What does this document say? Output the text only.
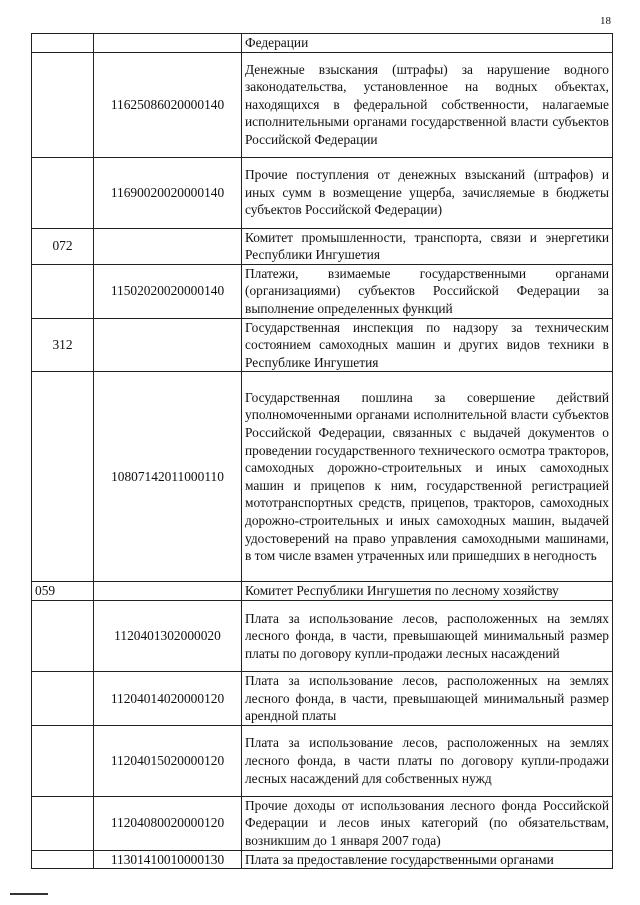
18
		Федерации
	11625086020000140	Денежные взыскания (штрафы) за нарушение водного законодательства, установленное на водных объектах, находящихся в федеральной собственности, налагаемые исполнительными органами государственной власти субъектов Российской Федерации
	11690020020000140	Прочие поступления от денежных взысканий (штрафов) и иных сумм в возмещение ущерба, зачисляемые в бюджеты субъектов Российской Федерации)
072		Комитет промышленности, транспорта, связи и энергетики Республики Ингушетия
	11502020020000140	Платежи, взимаемые государственными органами (организациями) субъектов Российской Федерации за выполнение определенных функций
312		Государственная инспекция по надзору за техническим состоянием самоходных машин и других видов техники в Республике Ингушетия
	10807142011000110	Государственная пошлина за совершение действий уполномоченными органами исполнительной власти субъектов Российской Федерации, связанных с выдачей документов о проведении государственного технического осмотра тракторов, самоходных дорожно-строительных и иных самоходных машин и прицепов к ним, государственной регистрацией мототранспортных средств, прицепов, тракторов, самоходных дорожно-строительных и иных самоходных машин, выдачей удостоверений на право управления самоходными машинами, в том числе взамен утраченных или пришедших в негодность
059		Комитет Республики Ингушетия по лесному хозяйству
	1120401302000020	Плата за использование лесов, расположенных на землях лесного фонда, в части, превышающей минимальный размер платы по договору купли-продажи лесных насаждений
	11204014020000120	Плата за использование лесов, расположенных на землях лесного фонда, в части, превышающей минимальный размер арендной платы
	11204015020000120	Плата за использование лесов, расположенных на землях лесного фонда, в части платы по договору купли-продажи лесных насаждений для собственных нужд
	11204080020000120	Прочие доходы от использования лесного фонда Российской Федерации и лесов иных категорий (по обязательствам, возникшим до 1 января 2007 года)
	11301410010000130	Плата за предоставление государственными органами
